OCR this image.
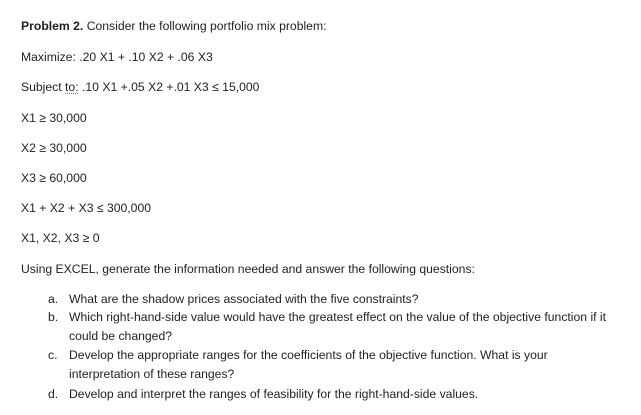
Problem 2. Consider the following portfolio mix problem:
Maximize: .20 X1 + .10 X2 + .06 X3
Subject to: .10 X1 +.05 X2 +.01 X3 ≤ 15,000
X1 ≥ 30,000
X2 ≥ 30,000
X3 ≥ 60,000
X1 + X2 + X3 ≤ 300,000
X1, X2, X3 ≥ 0
Using EXCEL, generate the information needed and answer the following questions:
a. What are the shadow prices associated with the five constraints?
b. Which right-hand-side value would have the greatest effect on the value of the objective function if it could be changed?
c. Develop the appropriate ranges for the coefficients of the objective function. What is your interpretation of these ranges?
d. Develop and interpret the ranges of feasibility for the right-hand-side values.
